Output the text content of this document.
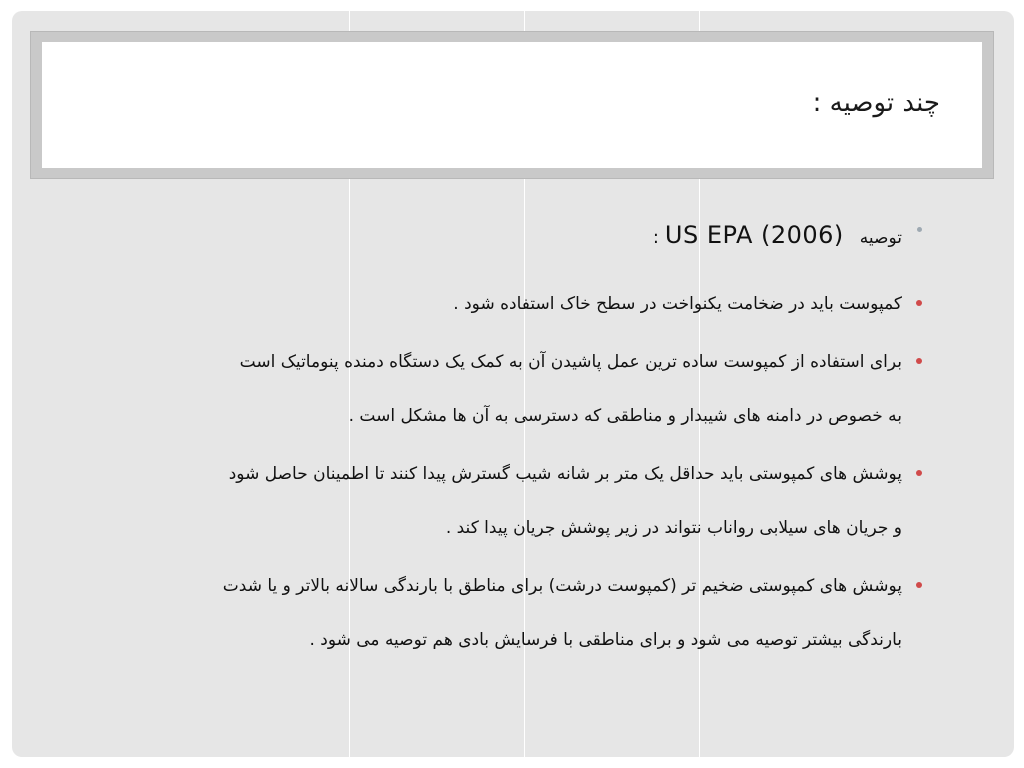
چند توصیه :
توصیه
US EPA (2006)
:
کمپوست باید در ضخامت یکنواخت در سطح خاک استفاده شود .
برای استفاده از کمپوست ساده ترین عمل پاشیدن آن به کمک یک دستگاه دمنده پنوماتیک است
به خصوص در دامنه های شیبدار و مناطقی که دسترسی به آن ها مشکل است .
پوشش های کمپوستی باید حداقل یک متر بر شانه شیب گسترش پیدا کنند تا اطمینان حاصل شود
و جریان های سیلابی رواناب نتواند در زیر پوشش جریان پیدا کند .
پوشش های کمپوستی ضخیم تر (کمپوست درشت) برای مناطق با بارندگی سالانه بالاتر و یا شدت
بارندگی بیشتر توصیه می شود و برای مناطقی با فرسایش بادی هم توصیه می شود .
